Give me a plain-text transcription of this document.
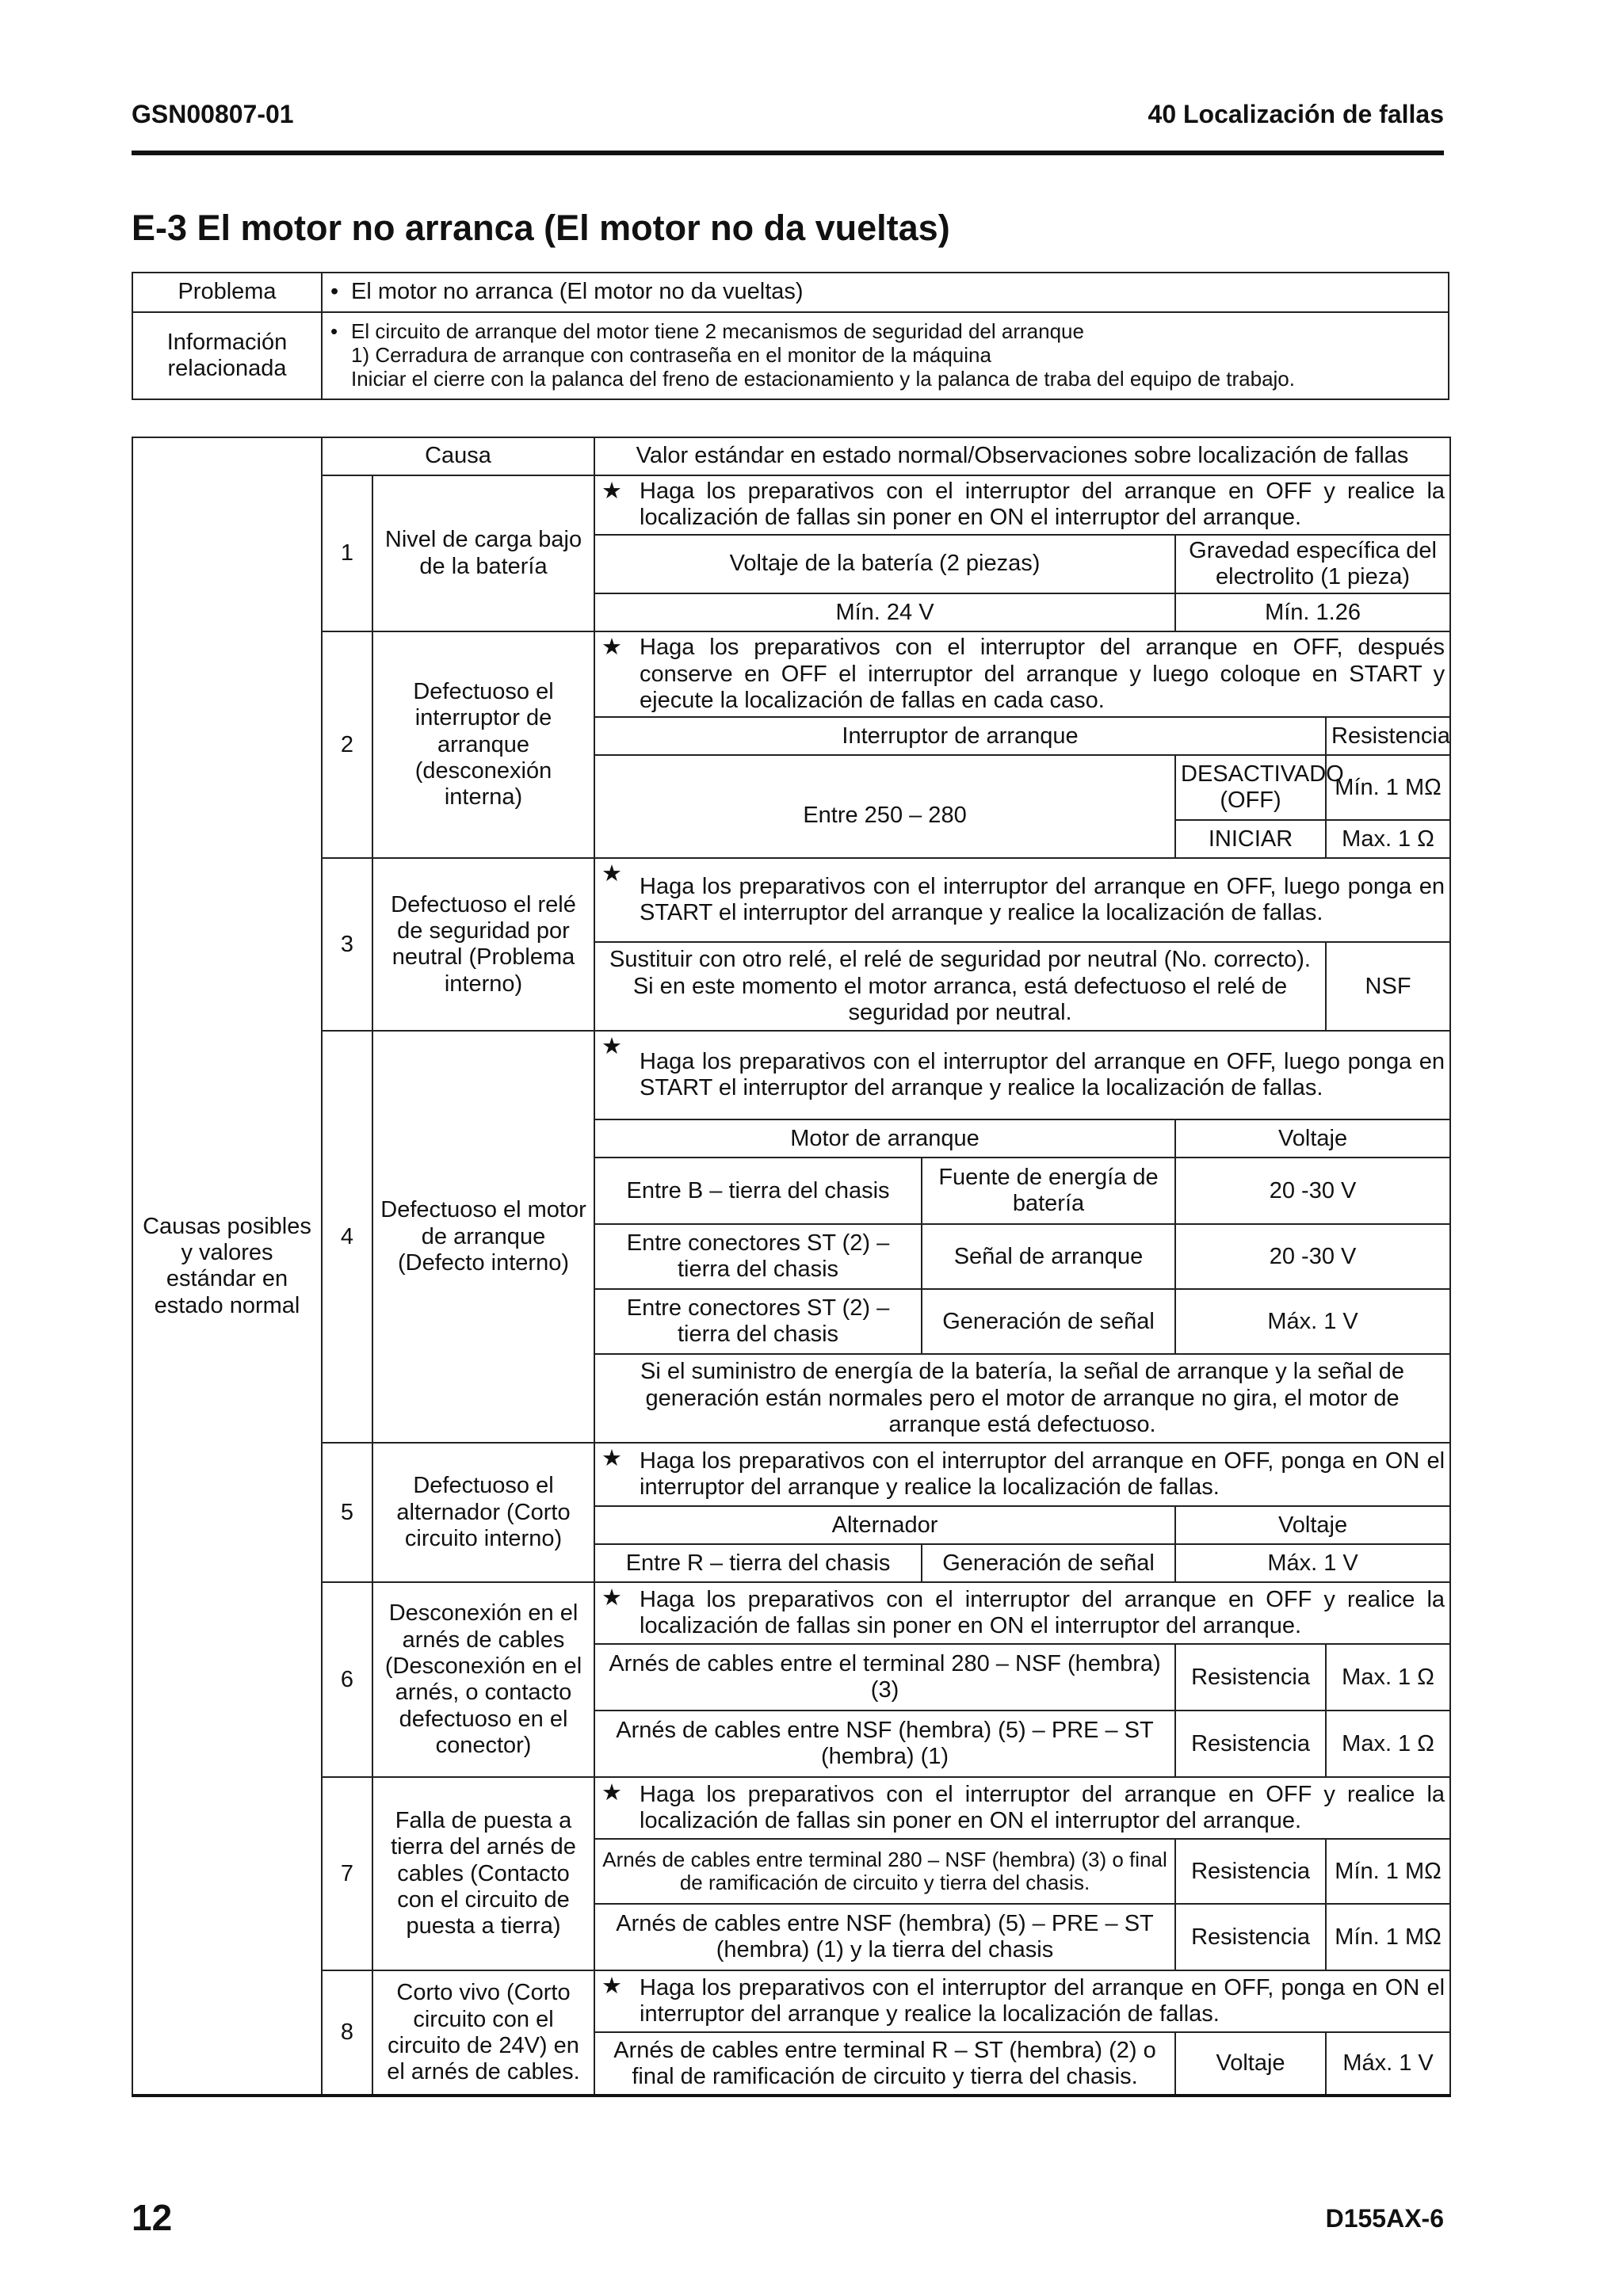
GSN00807-01	40 Localización de fallas
E-3 El motor no arranca (El motor no da vueltas)
Problema	• El motor no arranca (El motor no da vueltas)
Información relacionada	• El circuito de arranque del motor tiene 2 mecanismos de seguridad del arranque
1) Cerradura de arranque con contraseña en el monitor de la máquina
Iniciar el cierre con la palanca del freno de estacionamiento y la palanca de traba del equipo de trabajo.
Causas posibles y valores estándar en estado normal	Causa		Valor estándar en estado normal/Observaciones sobre localización de fallas			
	1	Nivel de carga bajo de la batería	★ Haga los preparativos con el interruptor del arranque en OFF y realice la localización de fallas sin poner en ON el interruptor del arranque.			
			Voltaje de la batería (2 piezas)		Gravedad específica del electrolito (1 pieza)	
			Mín. 24 V		Mín. 1.26	
	2	Defectuoso el interruptor de arranque (desconexión interna)	★ Haga los preparativos con el interruptor del arranque en OFF, después conserve en OFF el interruptor del arranque y luego coloque en START y ejecute la localización de fallas en cada caso.			
			Interruptor de arranque			Resistencia
			Entre 250 – 280		DESACTIVADO (OFF)	Mín. 1 MΩ

					INICIAR	Max. 1 Ω
	3	Defectuoso el relé de seguridad por neutral (Problema interno)	★ Haga los preparativos con el interruptor del arranque en OFF, luego ponga en START el interruptor del arranque y realice la localización de fallas.			
			Sustituir con otro relé, el relé de seguridad por neutral (No. correcto). Si en este momento el motor arranca, está defectuoso el relé de seguridad por neutral.			NSF
	4	Defectuoso el motor de arranque (Defecto interno)	★
Haga los preparativos con el interruptor del arranque en OFF, luego ponga en START el interruptor del arranque y realice la localización de fallas.			
			Motor de arranque		Voltaje	
			Entre B – tierra del chasis	Fuente de energía de batería	20 -30 V	
			Entre conectores ST (2) – tierra del chasis	Señal de arranque	20 -30 V	
			Entre conectores ST (2) – tierra del chasis	Generación de señal	Máx. 1 V	
			Si el suministro de energía de la batería, la señal de arranque y la señal de generación están normales pero el motor de arranque no gira, el motor de arranque está defectuoso.			
	5	Defectuoso el alternador (Corto circuito interno)	★ Haga los preparativos con el interruptor del arranque en OFF, ponga en ON el interruptor del arranque y realice la localización de fallas.			
			Alternador		Voltaje	
			Entre R – tierra del chasis	Generación de señal	Máx. 1 V	
	6	Desconexión en el arnés de cables (Desconexión en el arnés, o contacto defectuoso en el conector)	★ Haga los preparativos con el interruptor del arranque en OFF y realice la localización de fallas sin poner en ON el interruptor del arranque.			
			Arnés de cables entre el terminal 280 – NSF (hembra) (3)		Resistencia	Max. 1 Ω
			Arnés de cables entre NSF (hembra) (5) – PRE – ST (hembra) (1)		Resistencia	Max. 1 Ω
	7	Falla de puesta a tierra del arnés de cables (Contacto con el circuito de puesta a tierra)	★ Haga los preparativos con el interruptor del arranque en OFF y realice la localización de fallas sin poner en ON el interruptor del arranque.			
			Arnés de cables entre terminal 280 – NSF (hembra) (3) o final de ramificación de circuito y tierra del chasis.		Resistencia	Mín. 1 MΩ
			Arnés de cables entre NSF (hembra) (5) – PRE – ST (hembra) (1) y la tierra del chasis		Resistencia	Mín. 1 MΩ
	8	Corto vivo (Corto circuito con el circuito de 24V) en el arnés de cables.	★ Haga los preparativos con el interruptor del arranque en OFF, ponga en ON el interruptor del arranque y realice la localización de fallas.			
			Arnés de cables entre terminal R – ST (hembra) (2) o final de ramificación de circuito y tierra del chasis.		Voltaje	Máx. 1 V
12	D155AX-6
